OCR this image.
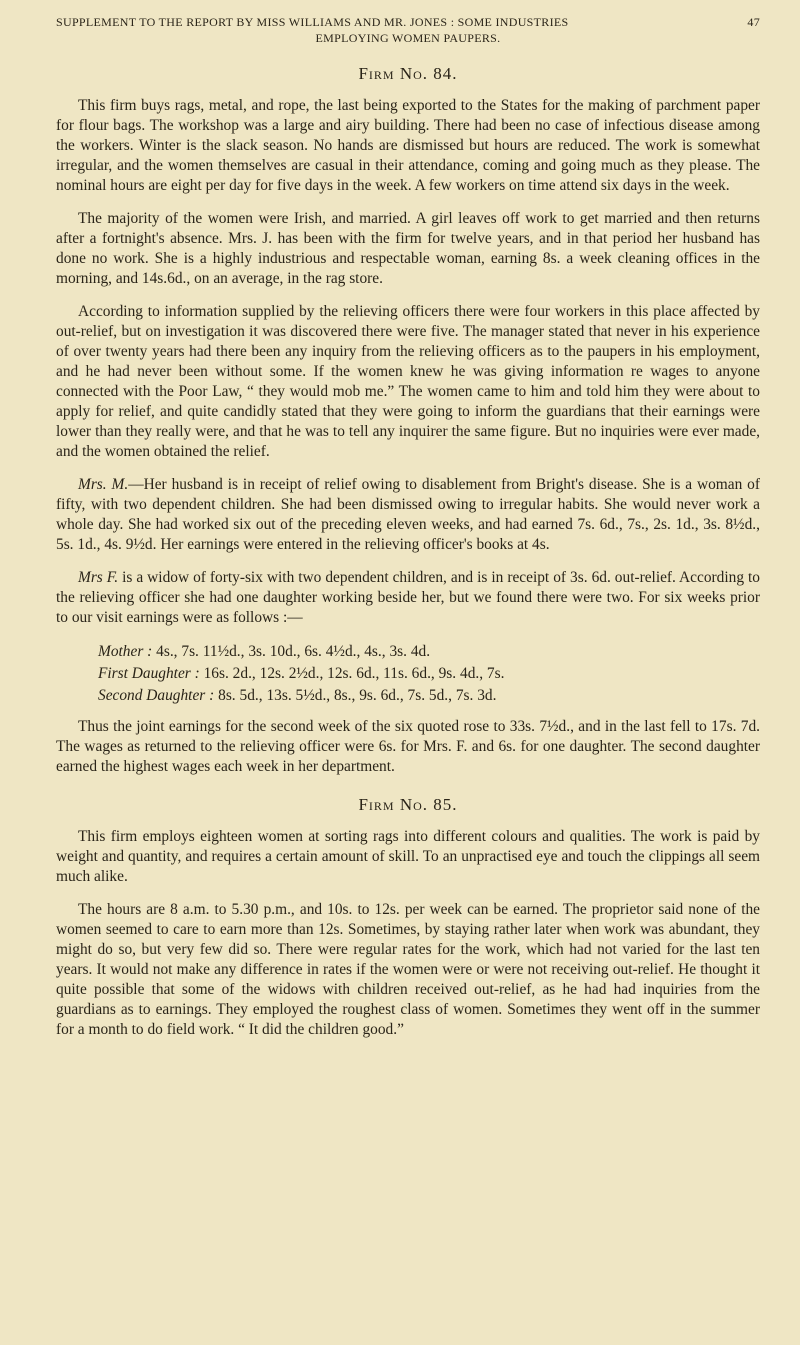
SUPPLEMENT TO THE REPORT BY MISS WILLIAMS AND MR. JONES : SOME INDUSTRIES	47
EMPLOYING WOMEN PAUPERS.
Firm No. 84.

This firm buys rags, metal, and rope, the last being exported to the States for the making of parchment paper for flour bags. The workshop was a large and airy building. There had been no case of infectious disease among the workers. Winter is the slack season. No hands are dismissed but hours are reduced. The work is somewhat irregular, and the women themselves are casual in their attendance, coming and going much as they please. The nominal hours are eight per day for five days in the week. A few workers on time attend six days in the week.

The majority of the women were Irish, and married. A girl leaves off work to get married and then returns after a fortnight's absence. Mrs. J. has been with the firm for twelve years, and in that period her husband has done no work. She is a highly industrious and respectable woman, earning 8s. a week cleaning offices in the morning, and 14s.6d., on an average, in the rag store.

According to information supplied by the relieving officers there were four workers in this place affected by out-relief, but on investigation it was discovered there were five. The manager stated that never in his experience of over twenty years had there been any inquiry from the relieving officers as to the paupers in his employment, and he had never been without some. If the women knew he was giving information re wages to anyone connected with the Poor Law, “ they would mob me.” The women came to him and told him they were about to apply for relief, and quite candidly stated that they were going to inform the guardians that their earnings were lower than they really were, and that he was to tell any inquirer the same figure. But no inquiries were ever made, and the women obtained the relief.

Mrs. M.—Her husband is in receipt of relief owing to disablement from Bright's disease. She is a woman of fifty, with two dependent children. She had been dismissed owing to irregular habits. She would never work a whole day. She had worked six out of the preceding eleven weeks, and had earned 7s. 6d., 7s., 2s. 1d., 3s. 8½d., 5s. 1d., 4s. 9½d. Her earnings were entered in the relieving officer's books at 4s.

Mrs F. is a widow of forty-six with two dependent children, and is in receipt of 3s. 6d. out-relief. According to the relieving officer she had one daughter working beside her, but we found there were two. For six weeks prior to our visit earnings were as follows :—

Mother : 4s., 7s. 11½d., 3s. 10d., 6s. 4½d., 4s., 3s. 4d.
First Daughter : 16s. 2d., 12s. 2½d., 12s. 6d., 11s. 6d., 9s. 4d., 7s.
Second Daughter : 8s. 5d., 13s. 5½d., 8s., 9s. 6d., 7s. 5d., 7s. 3d.

Thus the joint earnings for the second week of the six quoted rose to 33s. 7½d., and in the last fell to 17s. 7d. The wages as returned to the relieving officer were 6s. for Mrs. F. and 6s. for one daughter. The second daughter earned the highest wages each week in her department.

Firm No. 85.

This firm employs eighteen women at sorting rags into different colours and qualities. The work is paid by weight and quantity, and requires a certain amount of skill. To an unpractised eye and touch the clippings all seem much alike.

The hours are 8 a.m. to 5.30 p.m., and 10s. to 12s. per week can be earned. The proprietor said none of the women seemed to care to earn more than 12s. Sometimes, by staying rather later when work was abundant, they might do so, but very few did so. There were regular rates for the work, which had not varied for the last ten years. It would not make any difference in rates if the women were or were not receiving out-relief. He thought it quite possible that some of the widows with children received out-relief, as he had had inquiries from the guardians as to earnings. They employed the roughest class of women. Sometimes they went off in the summer for a month to do field work. “ It did the children good.”
